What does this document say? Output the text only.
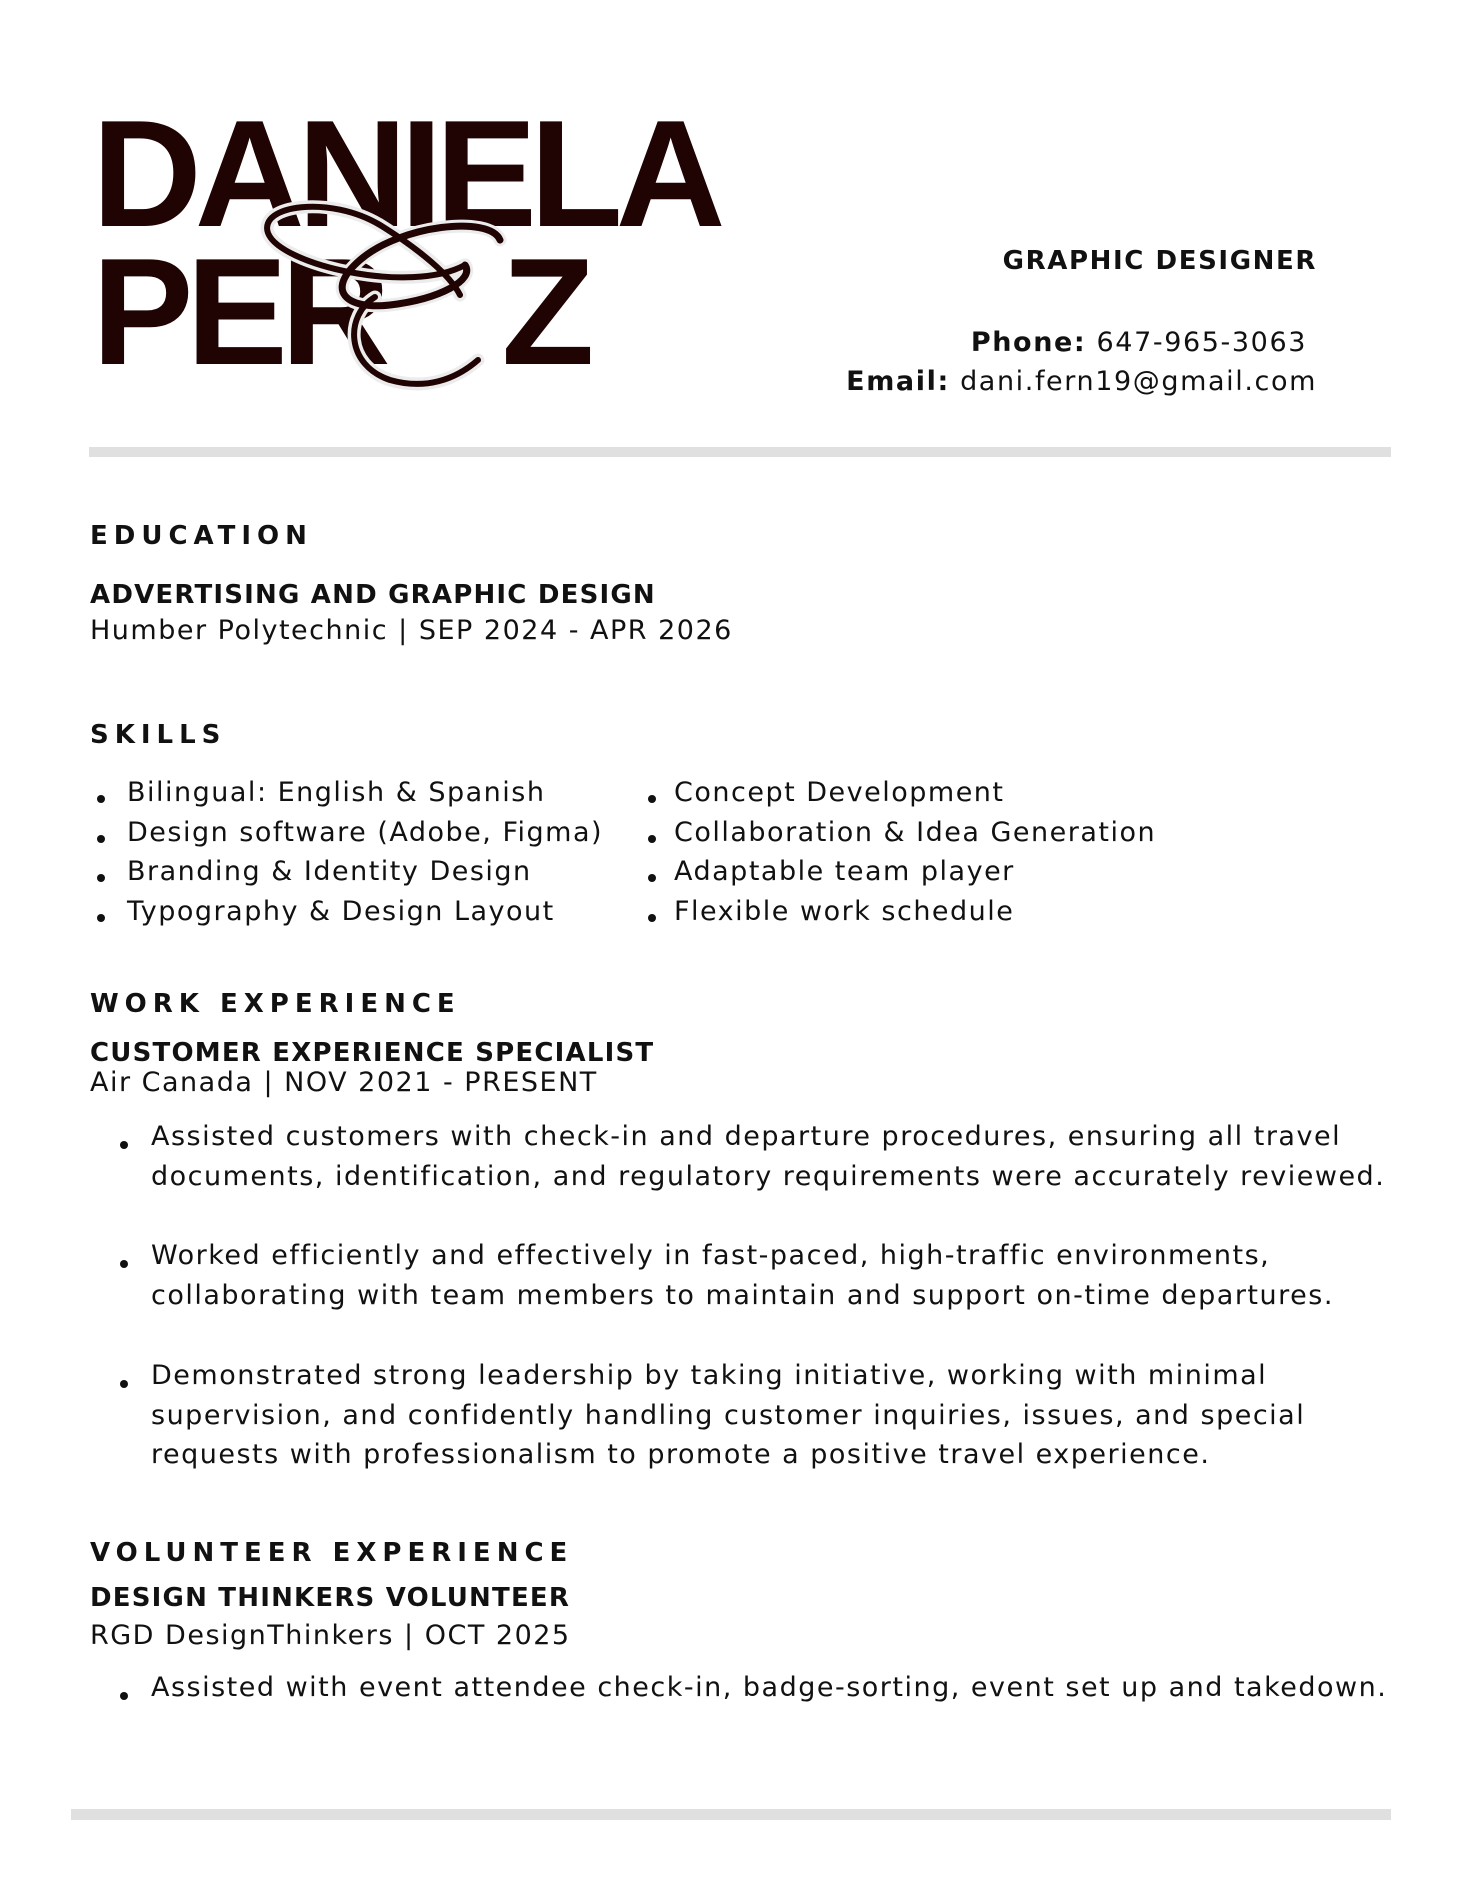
DANIELA
PER Z	GRAPHIC DESIGNER
Phone: 647-965-3063
Email: dani.fern19@gmail.com
EDUCATION
ADVERTISING AND GRAPHIC DESIGN
Humber Polytechnic | SEP 2024 - APR 2026
SKILLS
Bilingual: English & Spanish
Design software (Adobe, Figma)
Branding & Identity Design
Typography & Design Layout
Concept Development
Collaboration & Idea Generation
Adaptable team player
Flexible work schedule
WORK EXPERIENCE
CUSTOMER EXPERIENCE SPECIALIST
Air Canada | NOV 2021 - PRESENT
Assisted customers with check-in and departure procedures, ensuring all travel
documents, identification, and regulatory requirements were accurately reviewed.
Worked efficiently and effectively in fast-paced, high-traffic environments,
collaborating with team members to maintain and support on-time departures.
Demonstrated strong leadership by taking initiative, working with minimal
supervision, and confidently handling customer inquiries, issues, and special
requests with professionalism to promote a positive travel experience.
VOLUNTEER EXPERIENCE
DESIGN THINKERS VOLUNTEER
RGD DesignThinkers | OCT 2025
Assisted with event attendee check-in, badge-sorting, event set up and takedown.
